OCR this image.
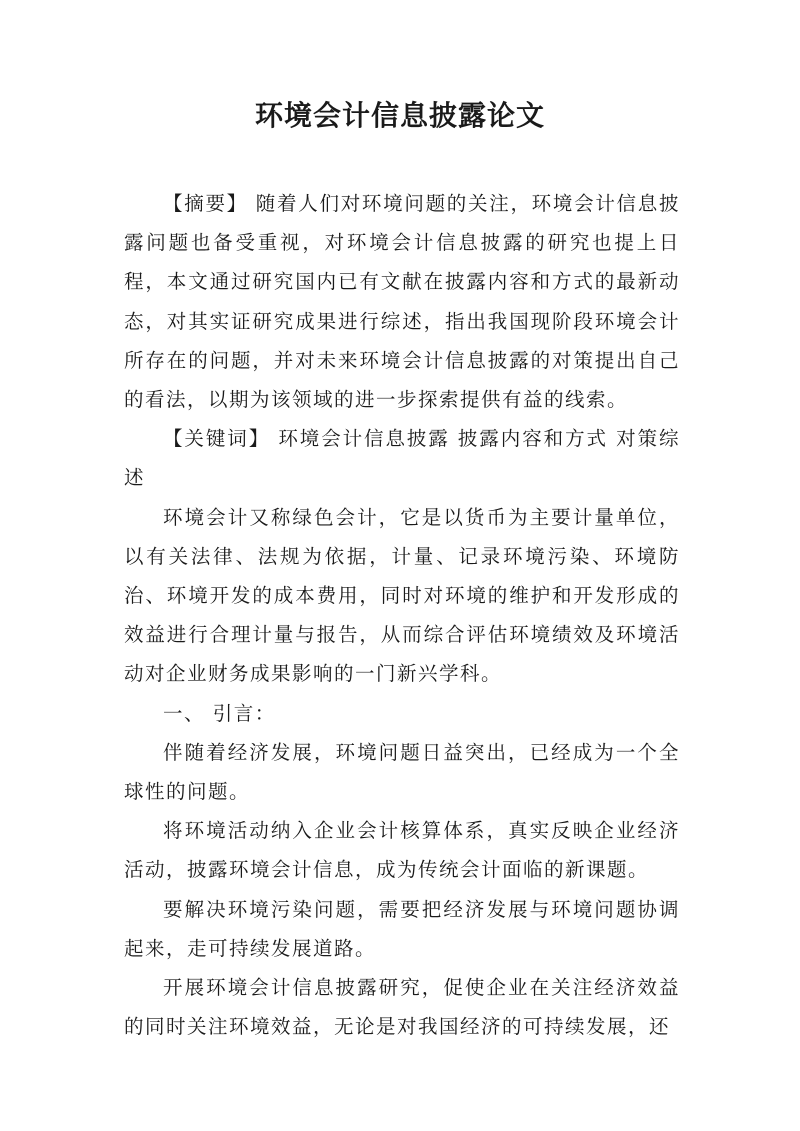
环境会计信息披露论文

【摘要】 随着人们对环境问题的关注，环境会计信息披露问题也备受重视，对环境会计信息披露的研究也提上日程，本文通过研究国内已有文献在披露内容和方式的最新动态，对其实证研究成果进行综述，指出我国现阶段环境会计所存在的问题，并对未来环境会计信息披露的对策提出自己的看法，以期为该领域的进一步探索提供有益的线索。

【关键词】 环境会计信息披露 披露内容和方式 对策综述

环境会计又称绿色会计，它是以货币为主要计量单位，以有关法律、法规为依据，计量、记录环境污染、环境防治、环境开发的成本费用，同时对环境的维护和开发形成的效益进行合理计量与报告，从而综合评估环境绩效及环境活动对企业财务成果影响的一门新兴学科。

一、 引言：

伴随着经济发展，环境问题日益突出，已经成为一个全球性的问题。

将环境活动纳入企业会计核算体系，真实反映企业经济活动，披露环境会计信息，成为传统会计面临的新课题。

要解决环境污染问题，需要把经济发展与环境问题协调起来，走可持续发展道路。

开展环境会计信息披露研究，促使企业在关注经济效益的同时关注环境效益，无论是对我国经济的可持续发展，还
